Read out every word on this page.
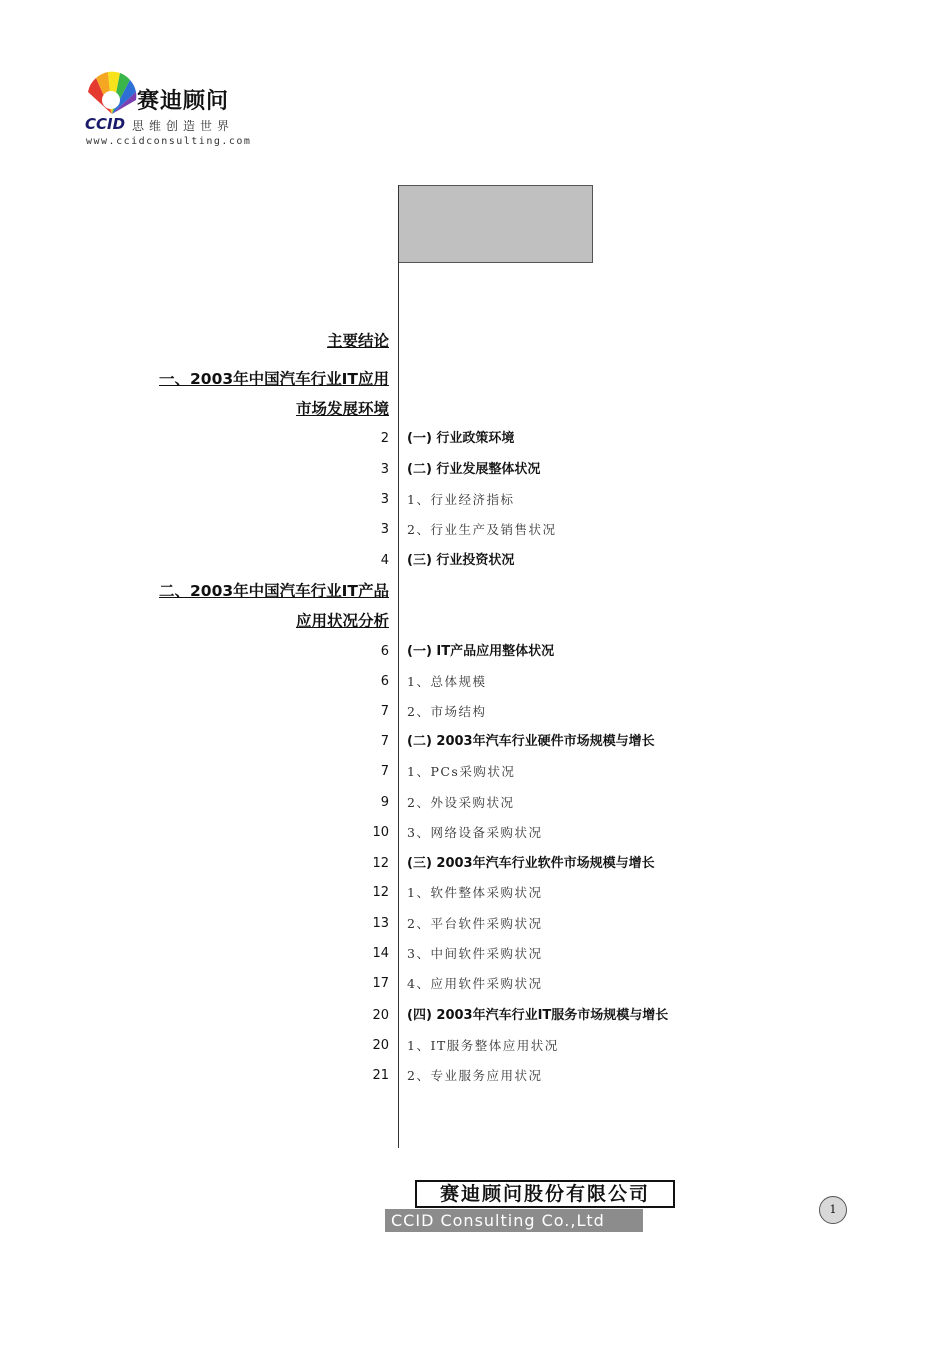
赛迪顾问
CCID 思维创造世界
www.ccidconsulting.com
主要结论
一、2003年中国汽车行业IT应用
市场发展环境
2 (一) 行业政策环境
3 (二) 行业发展整体状况
3 1、行业经济指标
3 2、行业生产及销售状况
4 (三) 行业投资状况
二、2003年中国汽车行业IT产品
应用状况分析
6 (一) IT产品应用整体状况
6 1、总体规模
7 2、市场结构
7 (二) 2003年汽车行业硬件市场规模与增长
7 1、PCs采购状况
9 2、外设采购状况
10 3、网络设备采购状况
12 (三) 2003年汽车行业软件市场规模与增长
12 1、软件整体采购状况
13 2、平台软件采购状况
14 3、中间软件采购状况
17 4、应用软件采购状况
20 (四) 2003年汽车行业IT服务市场规模与增长
20 1、IT服务整体应用状况
21 2、专业服务应用状况
赛迪顾问股份有限公司
CCID Consulting Co.,Ltd
1
